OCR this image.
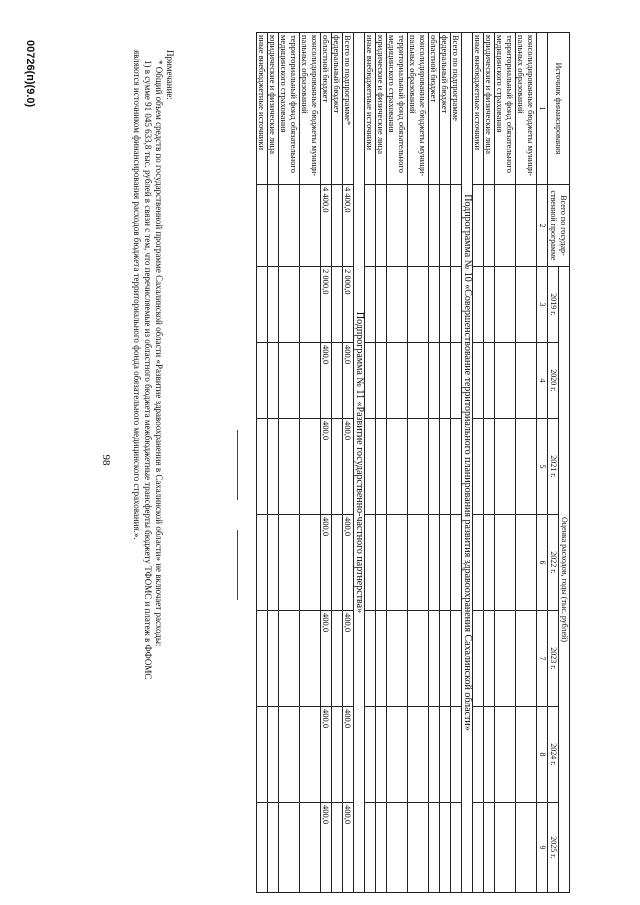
98
Источник финансирования	Всего по государ-ственной программе	Оценка расходов, годы (тыс. рублей)						
		2019 г.	2020 г.	2021 г.	2022 г.	2023 г.	2024 г.	2025 г.
1	2	3	4	5	6	7	8	9
консолидированные бюджеты муници-пальных образований								
территориальный фонд обязательного медицинского страхования								
юридические и физические лица								
иные внебюджетные источники								
Подпрограмма № 10 «Совершенствование территориального планирования развития здравоохранения Сахалинской области»								
Всего по подпрограмме								
федеральный бюджет								
областной бюджет								
консолидированные бюджеты муници-пальных образований								
территориальный фонд обязательного медицинского страхования								
юридические и физические лица								
иные внебюджетные источники								
Подпрограмма № 11 «Развитие государственно-частного партнерства»								
Всего по подпрограмме*	4 400,0	2 000,0	400,0	400,0	400,0	400,0	400,0	400,0
федеральный бюджет								
областной бюджет	4 400,0	2 000,0	400,0	400,0	400,0	400,0	400,0	400,0
консолидированные бюджеты муници-пальных образований								
территориальный фонд обязательного медицинского страхования								
юридические и физические лица								
иные внебюджетные источники								
Примечание:
* Общий объем средств по государственной программе Сахалинской области «Развитие здравоохранения в Сахалинской области» не включает расходы:
1) в сумме 91 045 633,8 тыс. рублей в связи с тем, что перечисляемые из областного бюджета межбюджетные трансферты бюджету ТФОМС и платеж в ФФОМС
являются источником финансирования расходов бюджета территориального фонда обязательного медицинского страхования.».
00726(п)(9.0)
